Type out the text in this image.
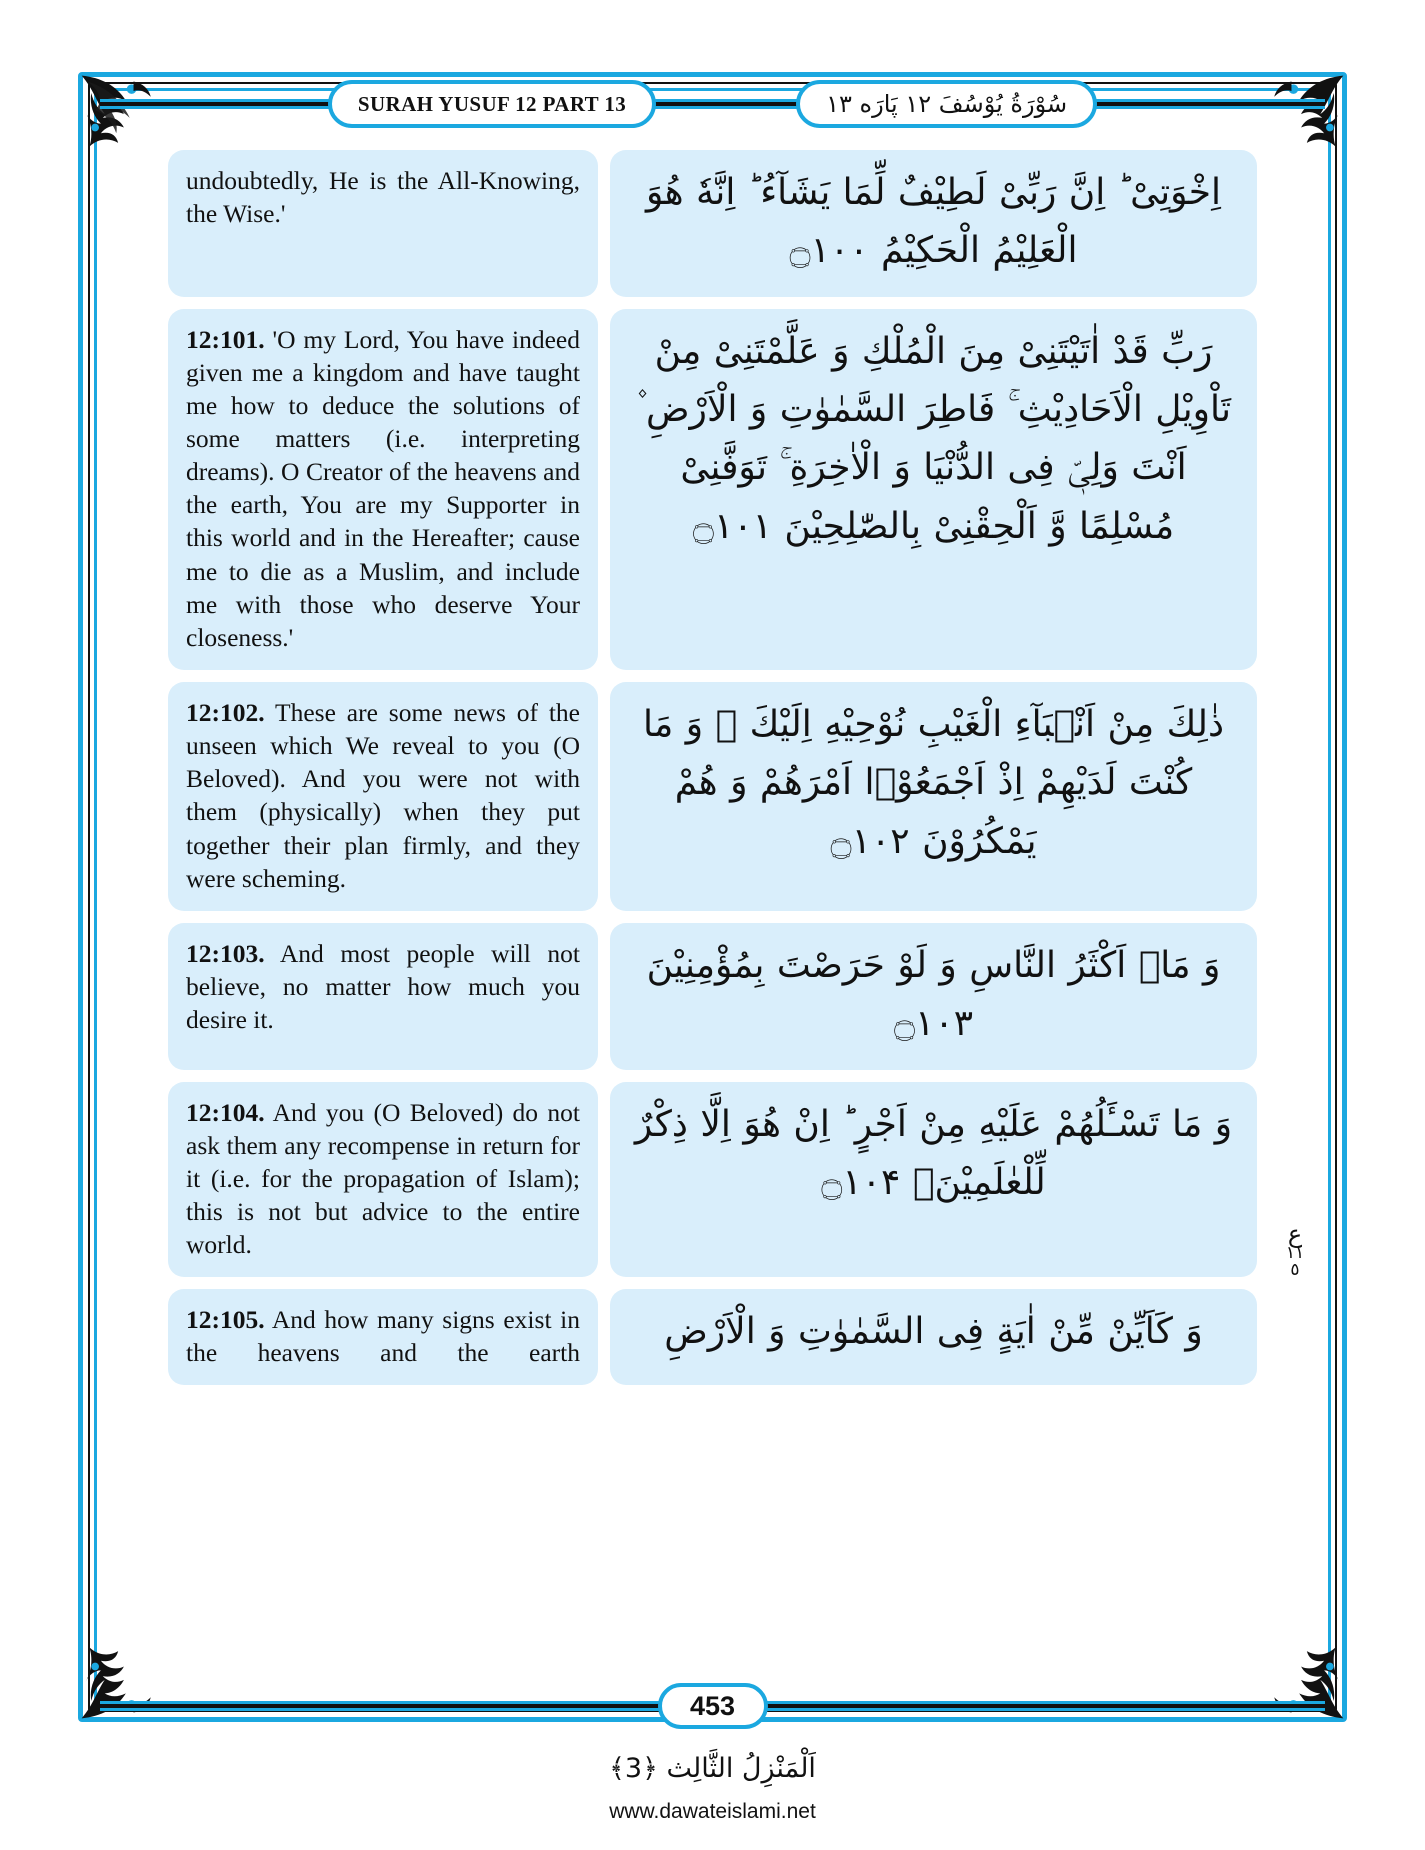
SURAH YUSUF 12 PART 13	سُوْرَةُ يُوْسُفَ ١٢ پَارَه ١٣
undoubtedly, He is the All-Knowing, the Wise.'
اِخْوَتِیْ ؕ اِنَّ رَبِّیْ لَطِیْفٌ لِّمَا یَشَآءُ ؕ اِنَّهٗ هُوَ الْعَلِیْمُ الْحَكِیْمُ ۝۱۰۰
12:101. 'O my Lord, You have indeed given me a kingdom and have taught me how to deduce the solutions of some matters (i.e. interpreting dreams). O Creator of the heavens and the earth, You are my Supporter in this world and in the Hereafter; cause me to die as a Muslim, and include me with those who deserve Your closeness.'
رَبِّ قَدْ اٰتَیْتَنِیْ مِنَ الْمُلْكِ وَ عَلَّمْتَنِیْ مِنْ تَاْوِیْلِ الْاَحَادِیْثِ ۚ فَاطِرَ السَّمٰوٰتِ وَ الْاَرْضِ ۫ اَنْتَ وَلِیّٖ فِی الدُّنْیَا وَ الْاٰخِرَةِ ۚ تَوَفَّنِیْ مُسْلِمًا وَّ اَلْحِقْنِیْ بِالصّٰلِحِیْنَ ۝۱۰۱
12:102. These are some news of the unseen which We reveal to you (O Beloved). And you were not with them (physically) when they put together their plan firmly, and they were scheming.
ذٰلِكَ مِنْ اَنْۢبَآءِ الْغَیْبِ نُوْحِیْهِ اِلَیْكَ ۚ وَ مَا كُنْتَ لَدَیْهِمْ اِذْ اَجْمَعُوْۤا اَمْرَهُمْ وَ هُمْ یَمْكُرُوْنَ ۝۱۰۲
12:103. And most people will not believe, no matter how much you desire it.
وَ مَاۤ اَكْثَرُ النَّاسِ وَ لَوْ حَرَصْتَ بِمُؤْمِنِیْنَ ۝۱۰۳
12:104. And you (O Beloved) do not ask them any recompense in return for it (i.e. for the propagation of Islam); this is not but advice to the entire world.
وَ مَا تَسْـَٔلُهُمْ عَلَیْهِ مِنْ اَجْرٍ ؕ اِنْ هُوَ اِلَّا ذِكْرٌ لِّلْعٰلَمِیْنَ۠ ۝۱۰۴
12:105. And how many signs exist in the heavens and the earth
وَ كَاَیِّنْ مِّنْ اٰیَةٍ فِی السَّمٰوٰتِ وَ الْاَرْضِ
ع
١١
٥
453
اَلْمَنْزِلُ الثَّالِث ﴿3﴾
www.dawateislami.net
